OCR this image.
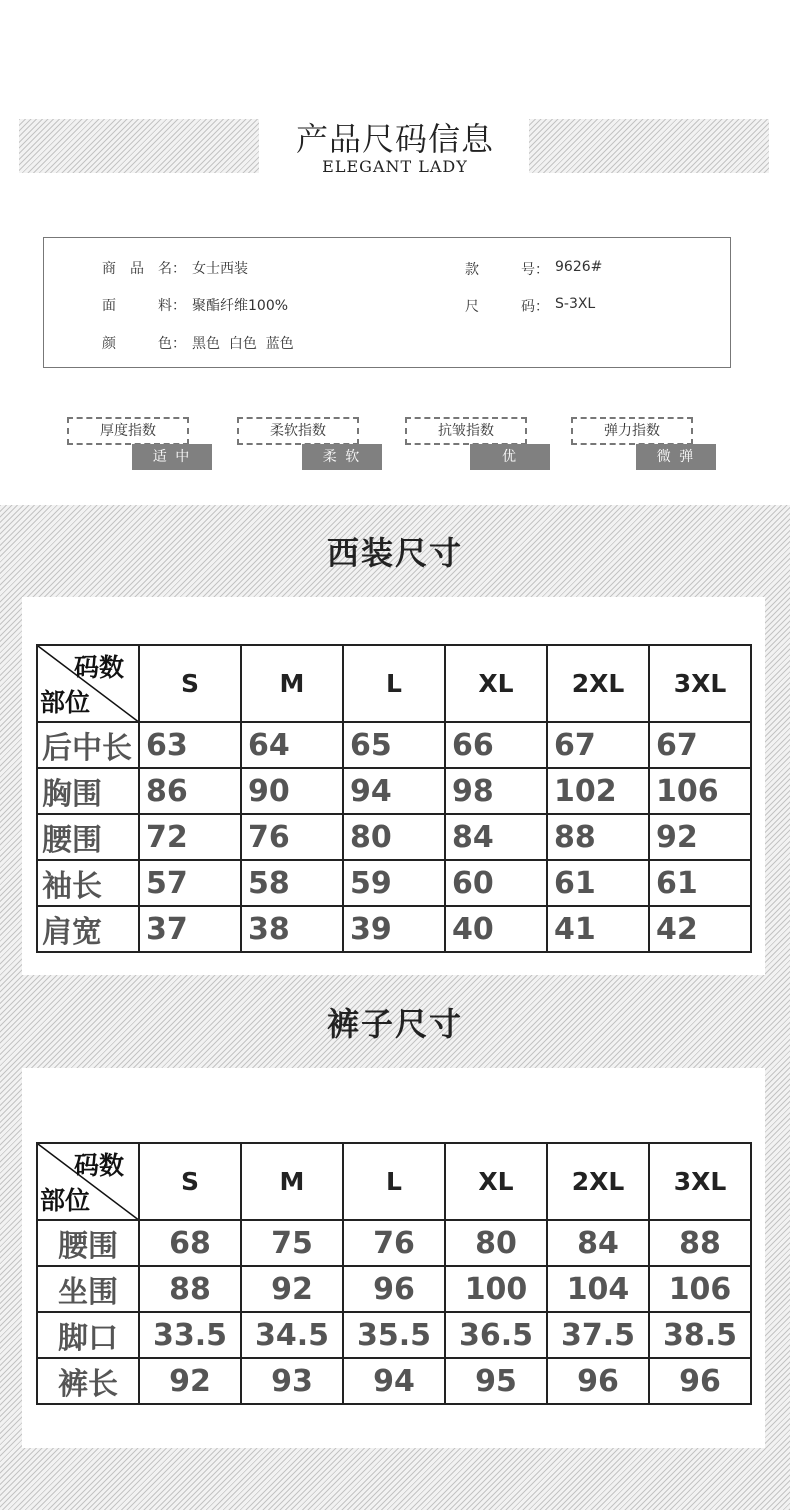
产品尺码信息
ELEGANT LADY
商　品　名： 女士西装	款　　　号： 9626#
面　　　料： 聚酯纤维100%	尺　　　码： S-3XL
颜　　　色： 黑色  白色  蓝色
厚度指数
适 中
柔软指数
柔 软
抗皱指数
优
弹力指数
微 弹
西装尺寸
码数
部位	S	M	L	XL	2XL	3XL
后中长	63	64	65	66	67	67
胸围	86	90	94	98	102	106
腰围	72	76	80	84	88	92
袖长	57	58	59	60	61	61
肩宽	37	38	39	40	41	42
裤子尺寸
码数
部位	S	M	L	XL	2XL	3XL
腰围	68	75	76	80	84	88
坐围	88	92	96	100	104	106
脚口	33.5	34.5	35.5	36.5	37.5	38.5
裤长	92	93	94	95	96	96
